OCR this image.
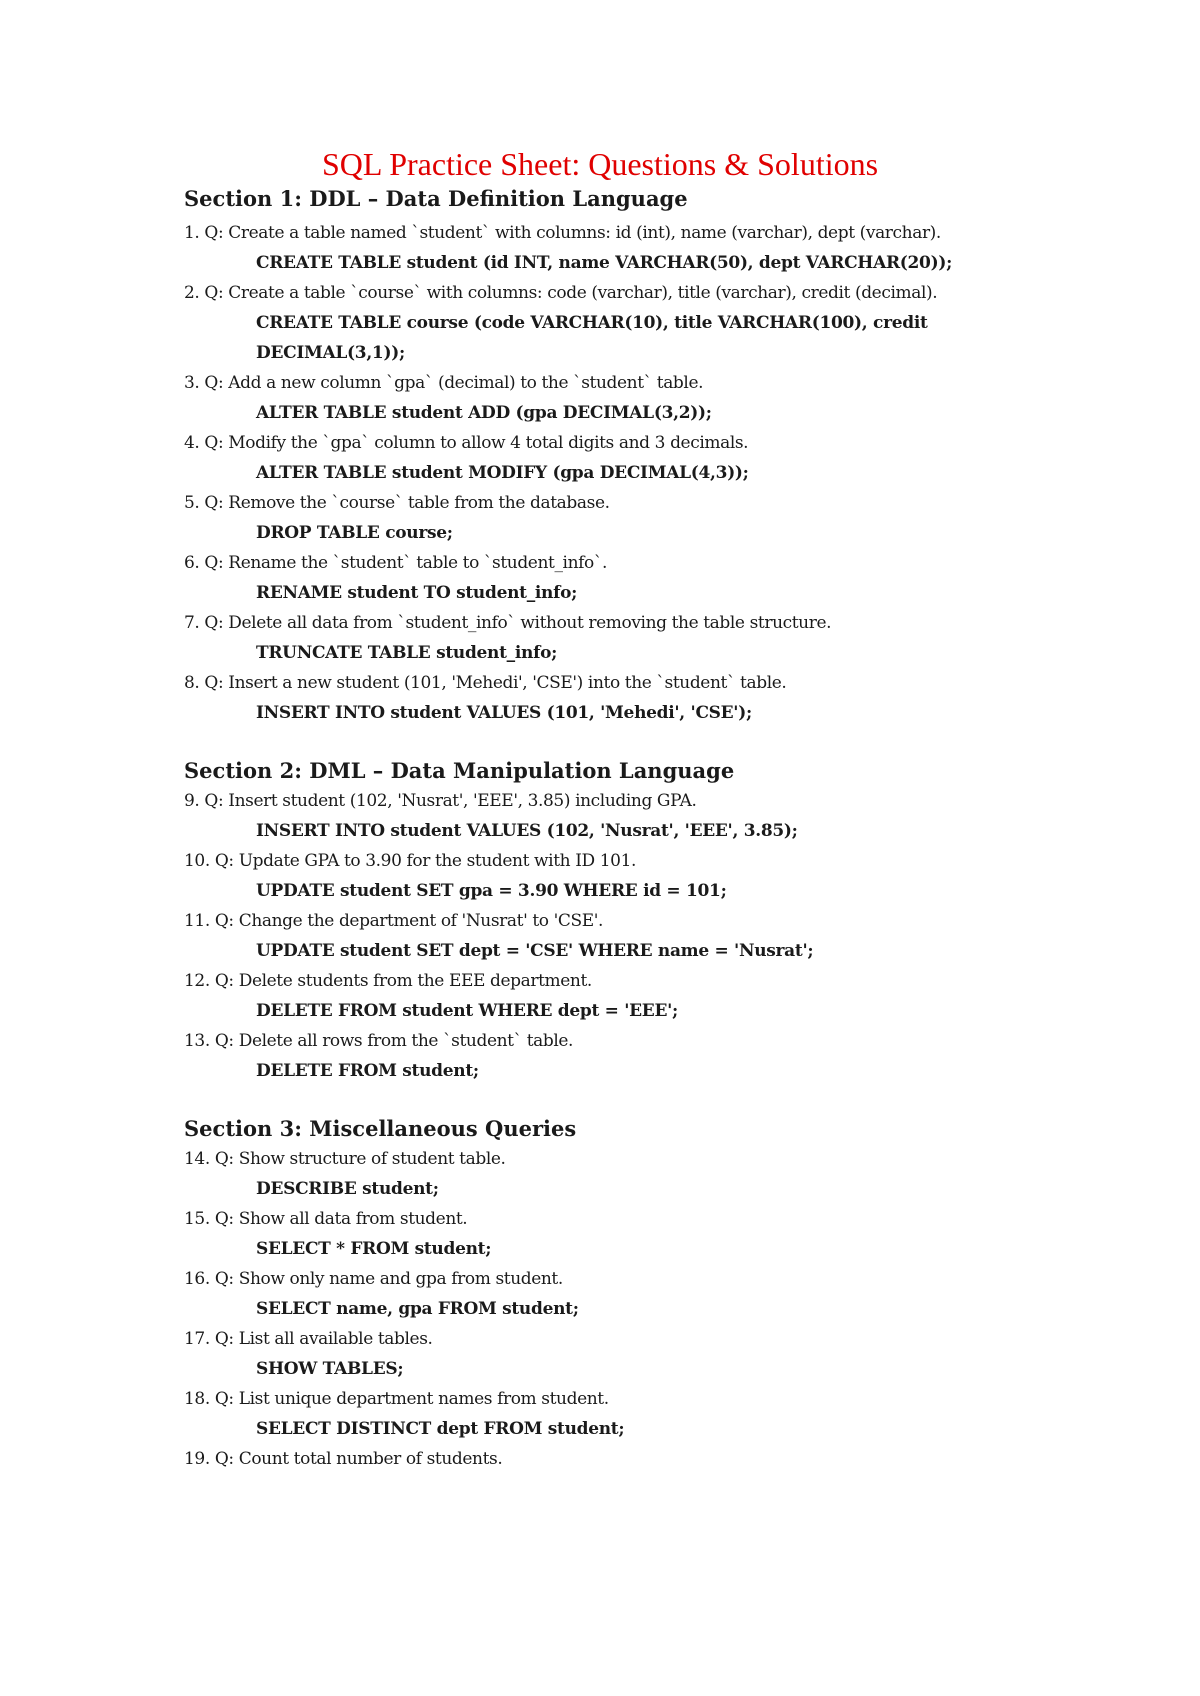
SQL Practice Sheet: Questions & Solutions

Section 1: DDL – Data Definition Language

1. Q: Create a table named `student` with columns: id (int), name (varchar), dept (varchar).

CREATE TABLE student (id INT, name VARCHAR(50), dept VARCHAR(20));

2. Q: Create a table `course` with columns: code (varchar), title (varchar), credit (decimal).

CREATE TABLE course (code VARCHAR(10), title VARCHAR(100), credit DECIMAL(3,1));

3. Q: Add a new column `gpa` (decimal) to the `student` table.

ALTER TABLE student ADD (gpa DECIMAL(3,2));

4. Q: Modify the `gpa` column to allow 4 total digits and 3 decimals.

ALTER TABLE student MODIFY (gpa DECIMAL(4,3));

5. Q: Remove the `course` table from the database.

DROP TABLE course;

6. Q: Rename the `student` table to `student_info`.

RENAME student TO student_info;

7. Q: Delete all data from `student_info` without removing the table structure.

TRUNCATE TABLE student_info;

8. Q: Insert a new student (101, 'Mehedi', 'CSE') into the `student` table.

INSERT INTO student VALUES (101, 'Mehedi', 'CSE');

Section 2: DML – Data Manipulation Language

9. Q: Insert student (102, 'Nusrat', 'EEE', 3.85) including GPA.

INSERT INTO student VALUES (102, 'Nusrat', 'EEE', 3.85);

10. Q: Update GPA to 3.90 for the student with ID 101.

UPDATE student SET gpa = 3.90 WHERE id = 101;

11. Q: Change the department of 'Nusrat' to 'CSE'.

UPDATE student SET dept = 'CSE' WHERE name = 'Nusrat';

12. Q: Delete students from the EEE department.

DELETE FROM student WHERE dept = 'EEE';

13. Q: Delete all rows from the `student` table.

DELETE FROM student;

Section 3: Miscellaneous Queries

14. Q: Show structure of student table.

DESCRIBE student;

15. Q: Show all data from student.

SELECT * FROM student;

16. Q: Show only name and gpa from student.

SELECT name, gpa FROM student;

17. Q: List all available tables.

SHOW TABLES;

18. Q: List unique department names from student.

SELECT DISTINCT dept FROM student;

19. Q: Count total number of students.
